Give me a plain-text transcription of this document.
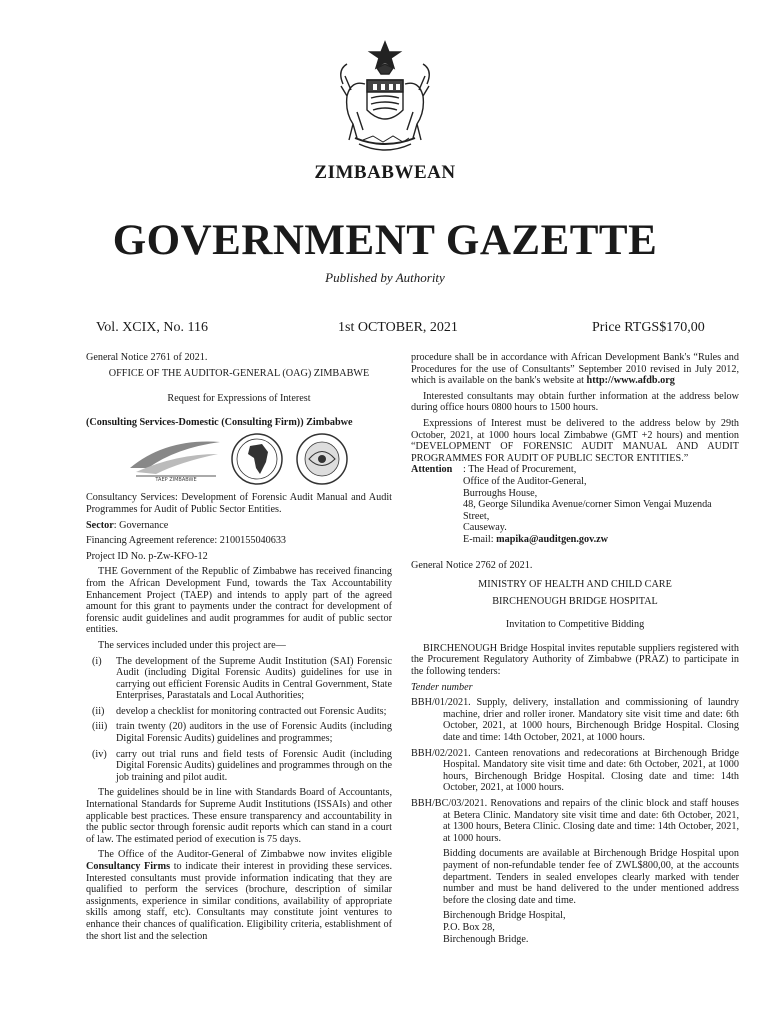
ZIMBABWEAN
GOVERNMENT GAZETTE
Published by Authority
Vol. XCIX, No. 116	1st OCTOBER, 2021	Price RTGS$170,00

General Notice 2761 of 2021.

OFFICE OF THE AUDITOR-GENERAL (OAG) ZIMBABWE

Request for Expressions of Interest

(Consulting Services-Domestic (Consulting Firm)) Zimbabwe

TAEP ZIMBABWE

Consultancy Services: Development of Forensic Audit Manual and Audit Programmes for Audit of Public Sector Entities.

Sector: Governance

Financing Agreement reference: 2100155040633

Project ID No. p-Zw-KFO-12

THE Government of the Republic of Zimbabwe has received financing from the African Development Fund, towards the Tax Accountability Enhancement Project (TAEP) and intends to apply part of the agreed amount for this grant to payments under the contract for development of forensic audit guidelines and audit programmes for audit of public sector entities.

The services included under this project are—

(i)	The development of the Supreme Audit Institution (SAI) Forensic Audit (including Digital Forensic Audits) guidelines for use in carrying out efficient Forensic Audits in Central Government, State Enterprises, Parastatals and Local Authorities;
(ii)	develop a checklist for monitoring contracted out Forensic Audits;
(iii) train twenty (20) auditors in the use of Forensic Audits (including Digital Forensic Audits) guidelines and programmes;
(iv) carry out trial runs and field tests of Forensic Audit (including Digital Forensic Audits) guidelines and programmes through on the job training and pilot audit.

The guidelines should be in line with Standards Board of Accountants, International Standards for Supreme Audit Institutions (ISSAIs) and other applicable best practices. These ensure transparency and accountability in the public sector through forensic audit reports which can stand in a court of law. The estimated period of execution is 75 days.

The Office of the Auditor-General of Zimbabwe now invites eligible Consultancy Firms to indicate their interest in providing these services. Interested consultants must provide information indicating that they are qualified to perform the services (brochure, description of similar assignments, experience in similar conditions, availability of appropriate skills among staff, etc). Consultants may constitute joint ventures to enhance their chances of qualification. Eligibility criteria, establishment of the short list and the selection

procedure shall be in accordance with African Development Bank's “Rules and Procedures for the use of Consultants” September 2010 revised in July 2012, which is available on the bank's website at http://www.afdb.org

Interested consultants may obtain further information at the address below during office hours 0800 hours to 1500 hours.

Expressions of Interest must be delivered to the address below by 29th October, 2021, at 1000 hours local Zimbabwe (GMT +2 hours) and mention “DEVELOPMENT OF FORENSIC AUDIT MANUAL AND AUDIT PROGRAMMES FOR AUDIT OF PUBLIC SECTOR ENTITIES.”

Attention	: The Head of Procurement,
Office of the Auditor-General,
Burroughs House,
48, George Silundika Avenue/corner Simon Vengai Muzenda Street,
Causeway.
E-mail: mapika@auditgen.gov.zw

General Notice 2762 of 2021.

MINISTRY OF HEALTH AND CHILD CARE

BIRCHENOUGH BRIDGE HOSPITAL

Invitation to Competitive Bidding

BIRCHENOUGH Bridge Hospital invites reputable suppliers registered with the Procurement Regulatory Authority of Zimbabwe (PRAZ) to participate in the following tenders:

Tender number

BBH/01/2021. Supply, delivery, installation and commissioning of laundry machine, drier and roller ironer. Mandatory site visit time and date: 6th October, 2021, at 1000 hours, Birchenough Bridge Hospital. Closing date and time: 14th October, 2021, at 1000 hours.
BBH/02/2021. Canteen renovations and redecorations at Birchenough Bridge Hospital. Mandatory site visit time and date: 6th October, 2021, at 1000 hours, Birchenough Bridge Hospital. Closing date and time: 14th October, 2021, at 1000 hours.
BBH/BC/03/2021. Renovations and repairs of the clinic block and staff houses at Betera Clinic. Mandatory site visit time and date: 6th October, 2021, at 1300 hours, Betera Clinic. Closing date and time: 14th October, 2021, at 1000 hours.
Bidding documents are available at Birchenough Bridge Hospital upon payment of non-refundable tender fee of ZWL$800,00, at the accounts department. Tenders in sealed envelopes clearly marked with tender number and must be hand delivered to the under mentioned address before the closing date and time.
Birchenough Bridge Hospital,
P.O. Box 28,
Birchenough Bridge.
